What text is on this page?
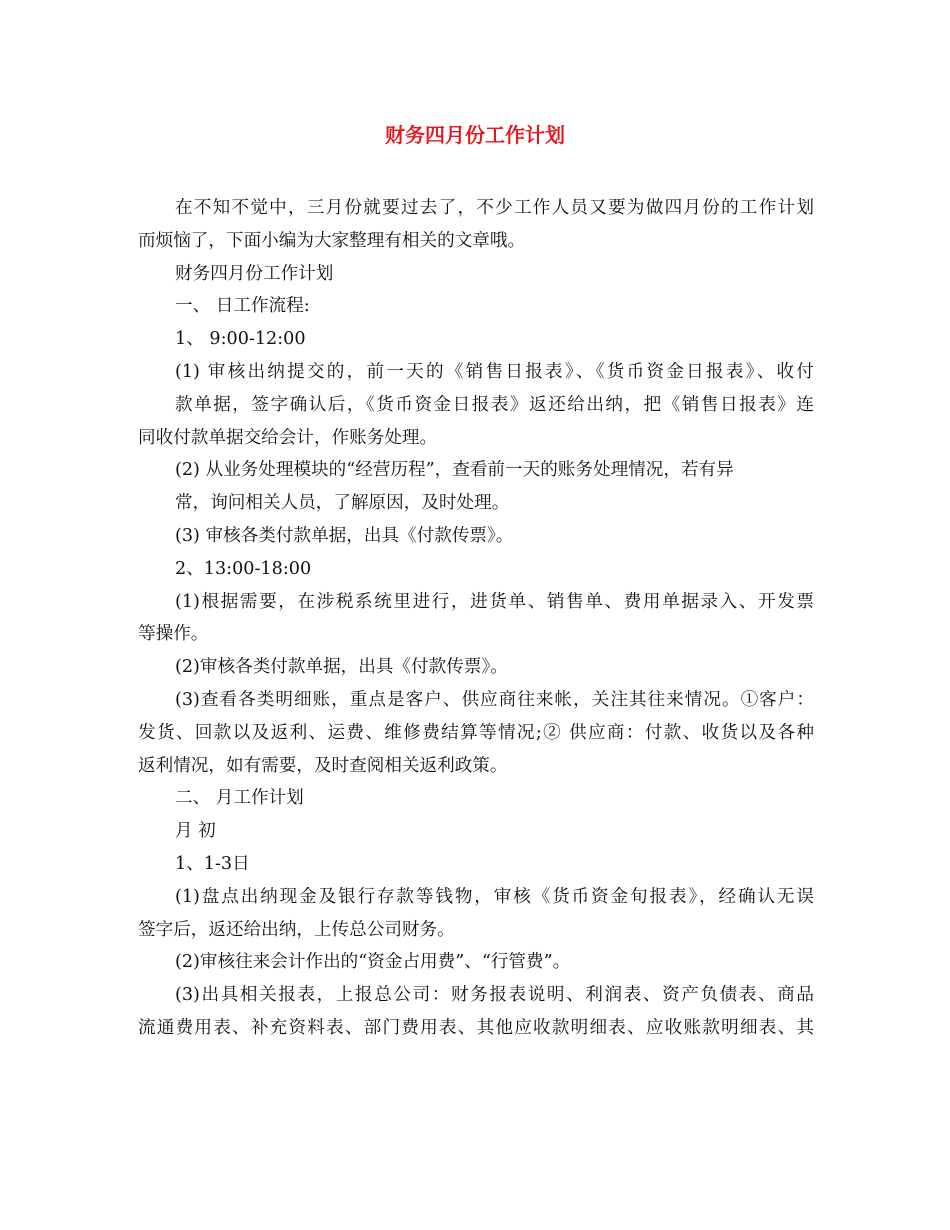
财务四月份工作计划
在不知不觉中，三月份就要过去了，不少工作人员又要为做四月份的工作计划
而烦恼了，下面小编为大家整理有相关的文章哦。
财务四月份工作计划
一、 日工作流程:
1、 9:00-12:00
(1) 审核出纳提交的，前一天的《销售日报表》、《货币资金日报表》、收付
款单据，签字确认后，《货币资金日报表》返还给出纳，把《销售日报表》连
同收付款单据交给会计，作账务处理。
(2) 从业务处理模块的“经营历程”，查看前一天的账务处理情况，若有异
常，询问相关人员，了解原因，及时处理。
(3) 审核各类付款单据，出具《付款传票》。
2、13:00-18:00
(1)根据需要，在涉税系统里进行，进货单、销售单、费用单据录入、开发票
等操作。
(2)审核各类付款单据，出具《付款传票》。
(3)查看各类明细账，重点是客户、供应商往来帐，关注其往来情况。①客户：
发货、回款以及返利、运费、维修费结算等情况;② 供应商：付款、收货以及各种
返利情况，如有需要，及时查阅相关返利政策。
二、 月工作计划
月 初
1、1-3日
(1)盘点出纳现金及银行存款等钱物，审核《货币资金旬报表》，经确认无误
签字后，返还给出纳，上传总公司财务。
(2)审核往来会计作出的“资金占用费”、“行管费”。
(3)出具相关报表，上报总公司：财务报表说明、利润表、资产负债表、商品
流通费用表、补充资料表、部门费用表、其他应收款明细表、应收账款明细表、其
